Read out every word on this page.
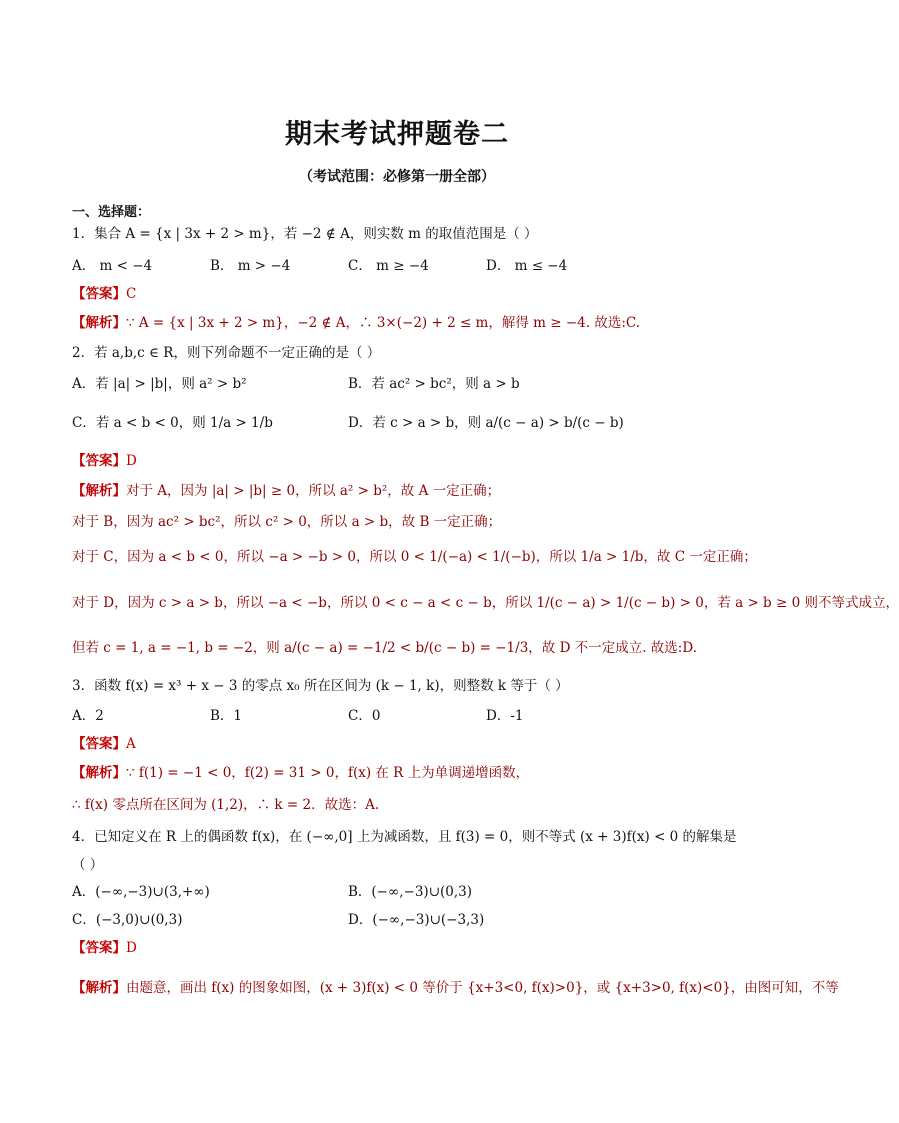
期末考试押题卷二
（考试范围：必修第一册全部）
一、选择题：
1．集合 A = {x | 3x + 2 > m}，若 −2 ∉ A，则实数 m 的取值范围是（ ）
A． m < −4	B． m > −4	C． m ≥ −4	D． m ≤ −4
【答案】C
【解析】∵ A = {x | 3x + 2 > m}，−2 ∉ A，∴ 3×(−2) + 2 ≤ m，解得 m ≥ −4. 故选:C.
2．若 a,b,c ∈ R，则下列命题不一定正确的是（ ）
A．若 |a| > |b|，则 a² > b²	B．若 ac² > bc²，则 a > b
C．若 a < b < 0，则 1/a > 1/b	D．若 c > a > b，则 a/(c − a) > b/(c − b)
【答案】D
【解析】对于 A，因为 |a| > |b| ≥ 0，所以 a² > b²，故 A 一定正确；
对于 B，因为 ac² > bc²，所以 c² > 0，所以 a > b，故 B 一定正确；
对于 C，因为 a < b < 0，所以 −a > −b > 0，所以 0 < 1/(−a) < 1/(−b)，所以 1/a > 1/b，故 C 一定正确；
对于 D，因为 c > a > b，所以 −a < −b，所以 0 < c − a < c − b，所以 1/(c − a) > 1/(c − b) > 0，若 a > b ≥ 0 则不等式成立，
但若 c = 1, a = −1, b = −2，则 a/(c − a) = −1/2 < b/(c − b) = −1/3，故 D 不一定成立. 故选:D.
3．函数 f(x) = x³ + x − 3 的零点 x₀ 所在区间为 (k − 1, k)，则整数 k 等于（ ）
A．2	B．1	C．0	D．-1
【答案】A
【解析】∵ f(1) = −1 < 0，f(2) = 31 > 0，f(x) 在 R 上为单调递增函数，
∴ f(x) 零点所在区间为 (1,2)，∴ k = 2．故选：A.
4．已知定义在 R 上的偶函数 f(x)，在 (−∞,0] 上为减函数，且 f(3) = 0，则不等式 (x + 3)f(x) < 0 的解集是
（ ）
A．(−∞,−3)∪(3,+∞)	B．(−∞,−3)∪(0,3)
C．(−3,0)∪(0,3)	D．(−∞,−3)∪(−3,3)
【答案】D
【解析】由题意，画出 f(x) 的图象如图，(x + 3)f(x) < 0 等价于 {x+3<0, f(x)>0}，或 {x+3>0, f(x)<0}，由图可知，不等
